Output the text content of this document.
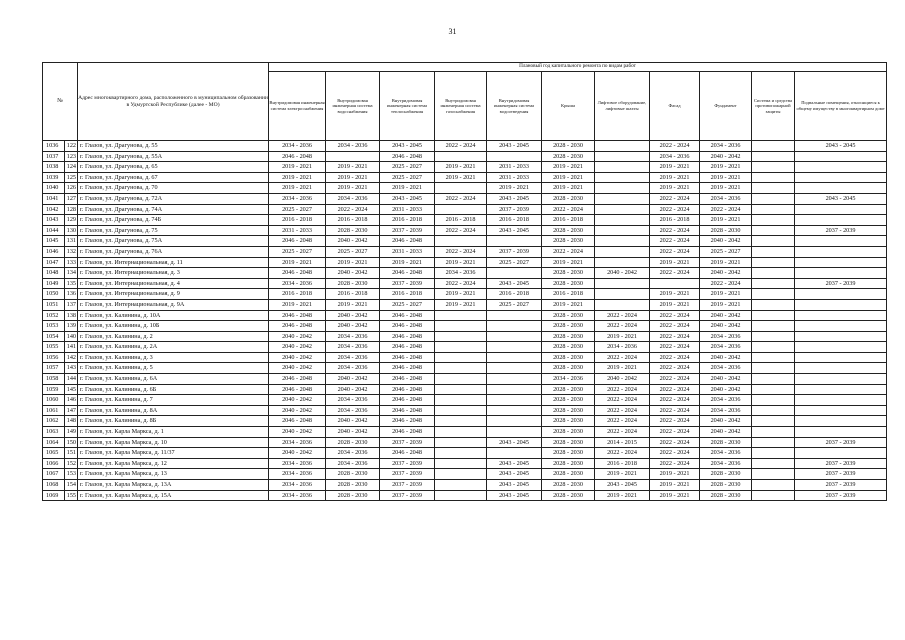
31
№		Адрес многоквартирного дома, расположенного в муниципальном образовании в Удмуртской Республике (далее - МО)	Плановый год капитального ремонта по видам работ										
			Внутридомовая инженерная система электроснабжения	Внутридомовая инженерная система водоснабжения	Внутридомовая инженерная система теплоснабжения	Внутридомовая инженерная система газоснабжения	Внутридомовая инженерная система водоотведения	Крыша	Лифтовое оборудование, лифтовые шахты	Фасад	Фундамент	Система и средства противопожарной защиты	Подвальные помещения, относящиеся к общему имуществу в многоквартирном доме
1036	122	г. Глазов, ул. Драгунова, д. 55	2034 - 2036	2034 - 2036	2043 - 2045	2022 - 2024	2043 - 2045	2028 - 2030		2022 - 2024	2034 - 2036		2043 - 2045
1037	123	г. Глазов, ул. Драгунова, д. 55А	2046 - 2048		2046 - 2048			2028 - 2030		2034 - 2036	2040 - 2042		
1038	124	г. Глазов, ул. Драгунова, д. 65	2019 - 2021	2019 - 2021	2025 - 2027	2019 - 2021	2031 - 2033	2019 - 2021		2019 - 2021	2019 - 2021		
1039	125	г. Глазов, ул. Драгунова, д. 67	2019 - 2021	2019 - 2021	2025 - 2027	2019 - 2021	2031 - 2033	2019 - 2021		2019 - 2021	2019 - 2021		
1040	126	г. Глазов, ул. Драгунова, д. 70	2019 - 2021	2019 - 2021	2019 - 2021		2019 - 2021	2019 - 2021		2019 - 2021	2019 - 2021		
1041	127	г. Глазов, ул. Драгунова, д. 72А	2034 - 2036	2034 - 2036	2043 - 2045	2022 - 2024	2043 - 2045	2028 - 2030		2022 - 2024	2034 - 2036		2043 - 2045
1042	128	г. Глазов, ул. Драгунова, д. 74А	2025 - 2027	2022 - 2024	2031 - 2033		2037 - 2039	2022 - 2024		2022 - 2024	2022 - 2024		
1043	129	г. Глазов, ул. Драгунова, д. 74Б	2016 - 2018	2016 - 2018	2016 - 2018	2016 - 2018	2016 - 2018	2016 - 2018		2016 - 2018	2019 - 2021		
1044	130	г. Глазов, ул. Драгунова, д. 75	2031 - 2033	2028 - 2030	2037 - 2039	2022 - 2024	2043 - 2045	2028 - 2030		2022 - 2024	2028 - 2030		2037 - 2039
1045	131	г. Глазов, ул. Драгунова, д. 75А	2046 - 2048	2040 - 2042	2046 - 2048			2028 - 2030		2022 - 2024	2040 - 2042		
1046	132	г. Глазов, ул. Драгунова, д. 76А	2025 - 2027	2025 - 2027	2031 - 2033	2022 - 2024	2037 - 2039	2022 - 2024		2022 - 2024	2025 - 2027		
1047	133	г. Глазов, ул. Интернациональная, д. 11	2019 - 2021	2019 - 2021	2019 - 2021	2019 - 2021	2025 - 2027	2019 - 2021		2019 - 2021	2019 - 2021		
1048	134	г. Глазов, ул. Интернациональная, д. 3	2046 - 2048	2040 - 2042	2046 - 2048	2034 - 2036		2028 - 2030	2040 - 2042	2022 - 2024	2040 - 2042		
1049	135	г. Глазов, ул. Интернациональная, д. 4	2034 - 2036	2028 - 2030	2037 - 2039	2022 - 2024	2043 - 2045	2028 - 2030			2022 - 2024		2037 - 2039
1050	136	г. Глазов, ул. Интернациональная, д. 9	2016 - 2018	2016 - 2018	2016 - 2018	2019 - 2021	2016 - 2018	2016 - 2018		2019 - 2021	2019 - 2021		
1051	137	г. Глазов, ул. Интернациональная, д. 9А	2019 - 2021	2019 - 2021	2025 - 2027	2019 - 2021	2025 - 2027	2019 - 2021		2019 - 2021	2019 - 2021		
1052	138	г. Глазов, ул. Калинина, д. 10А	2046 - 2048	2040 - 2042	2046 - 2048			2028 - 2030	2022 - 2024	2022 - 2024	2040 - 2042		
1053	139	г. Глазов, ул. Калинина, д. 10Б	2046 - 2048	2040 - 2042	2046 - 2048			2028 - 2030	2022 - 2024	2022 - 2024	2040 - 2042		
1054	140	г. Глазов, ул. Калинина, д. 2	2040 - 2042	2034 - 2036	2046 - 2048			2028 - 2030	2019 - 2021	2022 - 2024	2034 - 2036		
1055	141	г. Глазов, ул. Калинина, д. 2А	2040 - 2042	2034 - 2036	2046 - 2048			2028 - 2030	2034 - 2036	2022 - 2024	2034 - 2036		
1056	142	г. Глазов, ул. Калинина, д. 3	2040 - 2042	2034 - 2036	2046 - 2048			2028 - 2030	2022 - 2024	2022 - 2024	2040 - 2042		
1057	143	г. Глазов, ул. Калинина, д. 5	2040 - 2042	2034 - 2036	2046 - 2048			2028 - 2030	2019 - 2021	2022 - 2024	2034 - 2036		
1058	144	г. Глазов, ул. Калинина, д. 6А	2046 - 2048	2040 - 2042	2046 - 2048			2034 - 2036	2040 - 2042	2022 - 2024	2040 - 2042		
1059	145	г. Глазов, ул. Калинина, д. 6Б	2046 - 2048	2040 - 2042	2046 - 2048			2028 - 2030	2022 - 2024	2022 - 2024	2040 - 2042		
1060	146	г. Глазов, ул. Калинина, д. 7	2040 - 2042	2034 - 2036	2046 - 2048			2028 - 2030	2022 - 2024	2022 - 2024	2034 - 2036		
1061	147	г. Глазов, ул. Калинина, д. 8А	2040 - 2042	2034 - 2036	2046 - 2048			2028 - 2030	2022 - 2024	2022 - 2024	2034 - 2036		
1062	148	г. Глазов, ул. Калинина, д. 8Б	2046 - 2048	2040 - 2042	2046 - 2048			2028 - 2030	2022 - 2024	2022 - 2024	2040 - 2042		
1063	149	г. Глазов, ул. Карла Маркса, д. 1	2040 - 2042	2040 - 2042	2046 - 2048			2028 - 2030	2022 - 2024	2022 - 2024	2040 - 2042		
1064	150	г. Глазов, ул. Карла Маркса, д. 10	2034 - 2036	2028 - 2030	2037 - 2039		2043 - 2045	2028 - 2030	2014 - 2015	2022 - 2024	2028 - 2030		2037 - 2039
1065	151	г. Глазов, ул. Карла Маркса, д. 11/37	2040 - 2042	2034 - 2036	2046 - 2048			2028 - 2030	2022 - 2024	2022 - 2024	2034 - 2036		
1066	152	г. Глазов, ул. Карла Маркса, д. 12	2034 - 2036	2034 - 2036	2037 - 2039		2043 - 2045	2028 - 2030	2016 - 2018	2022 - 2024	2034 - 2036		2037 - 2039
1067	153	г. Глазов, ул. Карла Маркса, д. 13	2034 - 2036	2028 - 2030	2037 - 2039		2043 - 2045	2028 - 2030	2019 - 2021	2019 - 2021	2028 - 2030		2037 - 2039
1068	154	г. Глазов, ул. Карла Маркса, д. 13А	2034 - 2036	2028 - 2030	2037 - 2039		2043 - 2045	2028 - 2030	2043 - 2045	2019 - 2021	2028 - 2030		2037 - 2039
1069	155	г. Глазов, ул. Карла Маркса, д. 15А	2034 - 2036	2028 - 2030	2037 - 2039		2043 - 2045	2028 - 2030	2019 - 2021	2019 - 2021	2028 - 2030		2037 - 2039
